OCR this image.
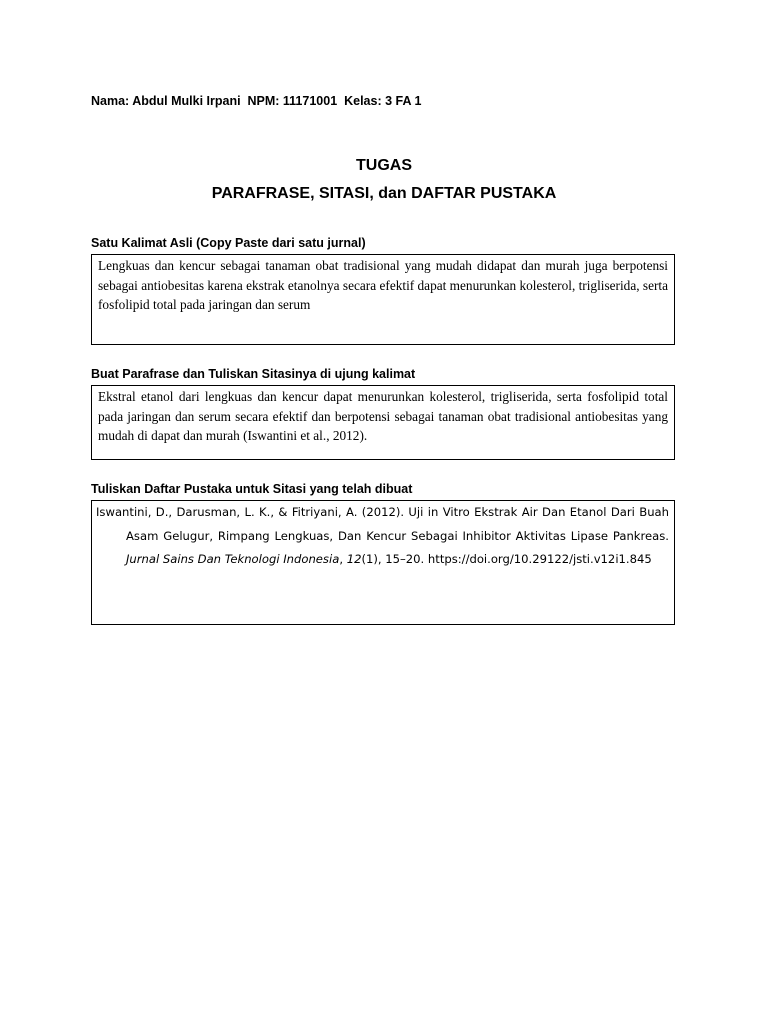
Nama: Abdul Mulki Irpani  NPM: 11171001  Kelas: 3 FA 1
TUGAS
PARAFRASE, SITASI, dan DAFTAR PUSTAKA
Satu Kalimat Asli (Copy Paste dari satu jurnal)
Lengkuas dan kencur sebagai tanaman obat tradisional yang mudah didapat dan murah juga berpotensi sebagai antiobesitas karena ekstrak etanolnya secara efektif dapat menurunkan kolesterol, trigliserida, serta fosfolipid total pada jaringan dan serum
Buat Parafrase dan Tuliskan Sitasinya di ujung kalimat
Ekstral etanol dari lengkuas dan kencur dapat menurunkan kolesterol, trigliserida, serta fosfolipid total pada jaringan dan serum secara efektif dan berpotensi sebagai tanaman obat tradisional antiobesitas yang mudah di dapat dan murah (Iswantini et al., 2012).
Tuliskan Daftar Pustaka untuk Sitasi yang telah dibuat
Iswantini, D., Darusman, L. K., & Fitriyani, A. (2012). Uji in Vitro Ekstrak Air Dan Etanol Dari Buah Asam Gelugur, Rimpang Lengkuas, Dan Kencur Sebagai Inhibitor Aktivitas Lipase Pankreas. Jurnal Sains Dan Teknologi Indonesia, 12(1), 15–20. https://doi.org/10.29122/jsti.v12i1.845
